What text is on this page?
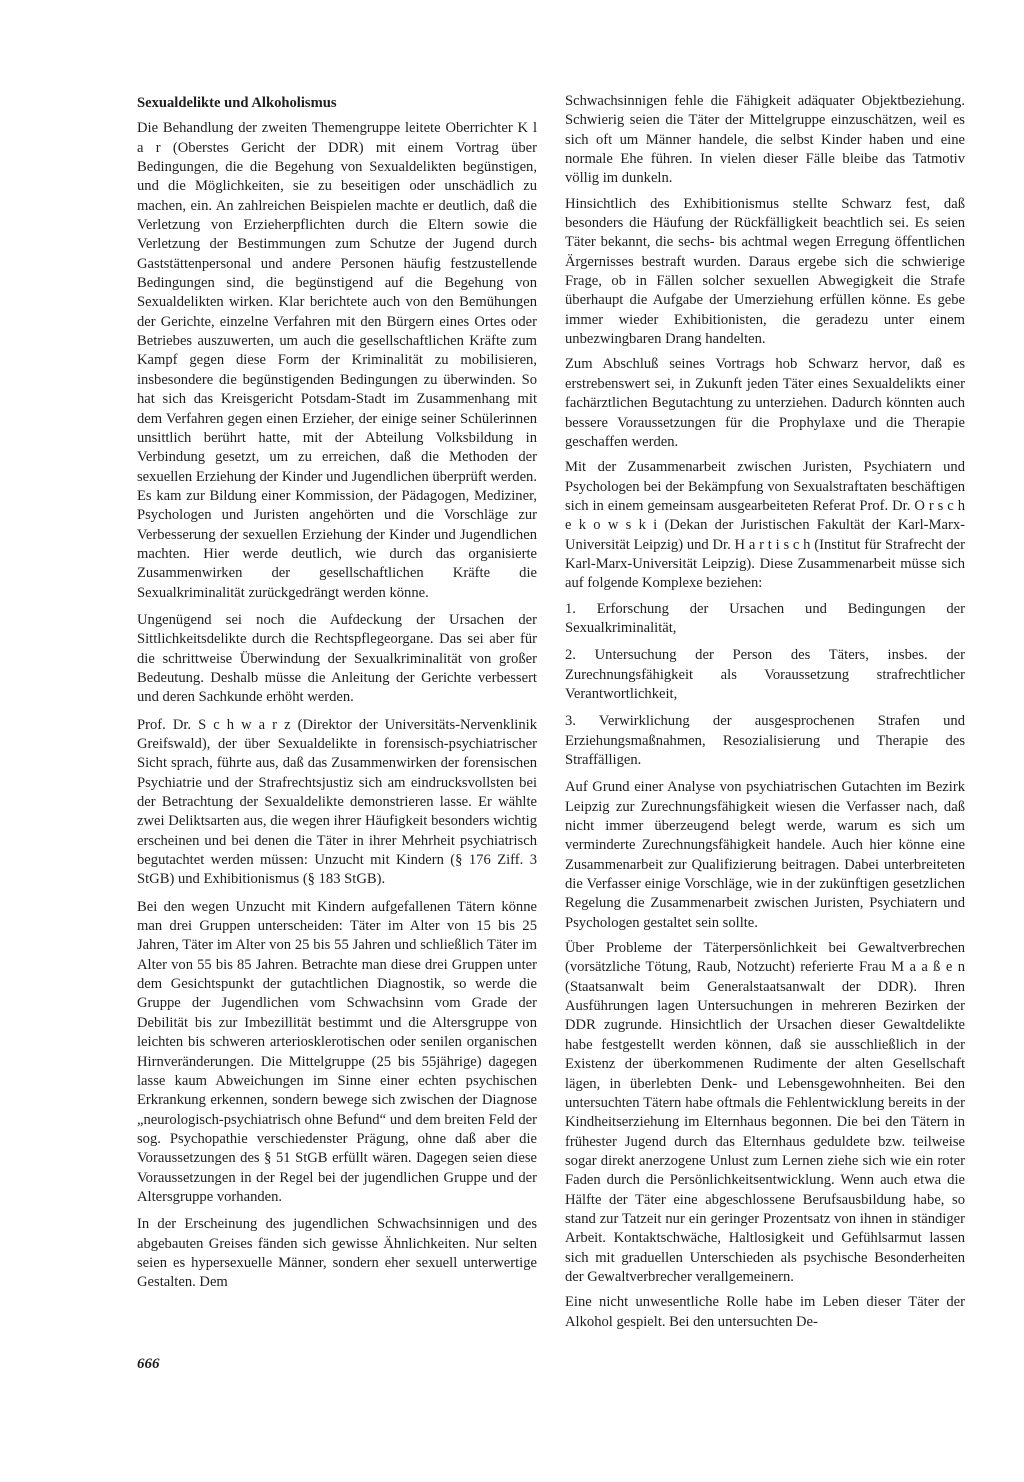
Sexualdelikte und Alkoholismus

Die Behandlung der zweiten Themengruppe leitete Oberrichter K l a r (Oberstes Gericht der DDR) mit einem Vortrag über Bedingungen, die die Begehung von Sexualdelikten begünstigen, und die Möglichkeiten, sie zu beseitigen oder unschädlich zu machen, ein. An zahlreichen Beispielen machte er deutlich, daß die Verletzung von Erzieherpflichten durch die Eltern sowie die Verletzung der Bestimmungen zum Schutze der Jugend durch Gaststättenpersonal und andere Personen häufig festzustellende Bedingungen sind, die begünstigend auf die Begehung von Sexualdelikten wirken. Klar berichtete auch von den Bemühungen der Gerichte, einzelne Verfahren mit den Bürgern eines Ortes oder Betriebes auszuwerten, um auch die gesellschaftlichen Kräfte zum Kampf gegen diese Form der Kriminalität zu mobilisieren, insbesondere die begünstigenden Bedingungen zu überwinden. So hat sich das Kreisgericht Potsdam-Stadt im Zusammenhang mit dem Verfahren gegen einen Erzieher, der einige seiner Schülerinnen unsittlich berührt hatte, mit der Abteilung Volksbildung in Verbindung gesetzt, um zu erreichen, daß die Methoden der sexuellen Erziehung der Kinder und Jugendlichen überprüft werden. Es kam zur Bildung einer Kommission, der Pädagogen, Mediziner, Psychologen und Juristen angehörten und die Vorschläge zur Verbesserung der sexuellen Erziehung der Kinder und Jugendlichen machten. Hier werde deutlich, wie durch das organisierte Zusammenwirken der gesellschaftlichen Kräfte die Sexualkriminalität zurückgedrängt werden könne.

Ungenügend sei noch die Aufdeckung der Ursachen der Sittlichkeitsdelikte durch die Rechtspflegeorgane. Das sei aber für die schrittweise Überwindung der Sexualkriminalität von großer Bedeutung. Deshalb müsse die Anleitung der Gerichte verbessert und deren Sachkunde erhöht werden.

Prof. Dr. S c h w a r z (Direktor der Universitäts-Nervenklinik Greifswald), der über Sexualdelikte in forensisch-psychiatrischer Sicht sprach, führte aus, daß das Zusammenwirken der forensischen Psychiatrie und der Strafrechtsjustiz sich am eindrucksvollsten bei der Betrachtung der Sexualdelikte demonstrieren lasse. Er wählte zwei Deliktsarten aus, die wegen ihrer Häufigkeit besonders wichtig erscheinen und bei denen die Täter in ihrer Mehrheit psychiatrisch begutachtet werden müssen: Unzucht mit Kindern (§ 176 Ziff. 3 StGB) und Exhibitionismus (§ 183 StGB).

Bei den wegen Unzucht mit Kindern aufgefallenen Tätern könne man drei Gruppen unterscheiden: Täter im Alter von 15 bis 25 Jahren, Täter im Alter von 25 bis 55 Jahren und schließlich Täter im Alter von 55 bis 85 Jahren. Betrachte man diese drei Gruppen unter dem Gesichtspunkt der gutachtlichen Diagnostik, so werde die Gruppe der Jugendlichen vom Schwachsinn vom Grade der Debilität bis zur Imbezillität bestimmt und die Altersgruppe von leichten bis schweren arteriosklerotischen oder senilen organischen Hirnveränderungen. Die Mittelgruppe (25 bis 55jährige) dagegen lasse kaum Abweichungen im Sinne einer echten psychischen Erkrankung erkennen, sondern bewege sich zwischen der Diagnose „neurologisch-psychiatrisch ohne Befund“ und dem breiten Feld der sog. Psychopathie verschiedenster Prägung, ohne daß aber die Voraussetzungen des § 51 StGB erfüllt wären. Dagegen seien diese Voraussetzungen in der Regel bei der jugendlichen Gruppe und der Altersgruppe vorhanden.

In der Erscheinung des jugendlichen Schwachsinnigen und des abgebauten Greises fänden sich gewisse Ähnlichkeiten. Nur selten seien es hypersexuelle Männer, sondern eher sexuell unterwertige Gestalten. Dem

Schwachsinnigen fehle die Fähigkeit adäquater Objektbeziehung. Schwierig seien die Täter der Mittelgruppe einzuschätzen, weil es sich oft um Männer handele, die selbst Kinder haben und eine normale Ehe führen. In vielen dieser Fälle bleibe das Tatmotiv völlig im dunkeln.

Hinsichtlich des Exhibitionismus stellte Schwarz fest, daß besonders die Häufung der Rückfälligkeit beachtlich sei. Es seien Täter bekannt, die sechs- bis achtmal wegen Erregung öffentlichen Ärgernisses bestraft wurden. Daraus ergebe sich die schwierige Frage, ob in Fällen solcher sexuellen Abwegigkeit die Strafe überhaupt die Aufgabe der Umerziehung erfüllen könne. Es gebe immer wieder Exhibitionisten, die geradezu unter einem unbezwingbaren Drang handelten.

Zum Abschluß seines Vortrags hob Schwarz hervor, daß es erstrebenswert sei, in Zukunft jeden Täter eines Sexualdelikts einer fachärztlichen Begutachtung zu unterziehen. Dadurch könnten auch bessere Voraussetzungen für die Prophylaxe und die Therapie geschaffen werden.

Mit der Zusammenarbeit zwischen Juristen, Psychiatern und Psychologen bei der Bekämpfung von Sexualstraftaten beschäftigen sich in einem gemeinsam ausgearbeiteten Referat Prof. Dr. O r s c h e k o w s k i (Dekan der Juristischen Fakultät der Karl-Marx-Universität Leipzig) und Dr. H a r t i s c h (Institut für Strafrecht der Karl-Marx-Universität Leipzig). Diese Zusammenarbeit müsse sich auf folgende Komplexe beziehen:

1. Erforschung der Ursachen und Bedingungen der Sexualkriminalität,

2. Untersuchung der Person des Täters, insbes. der Zurechnungsfähigkeit als Voraussetzung strafrechtlicher Verantwortlichkeit,

3. Verwirklichung der ausgesprochenen Strafen und Erziehungsmaßnahmen, Resozialisierung und Therapie des Straffälligen.

Auf Grund einer Analyse von psychiatrischen Gutachten im Bezirk Leipzig zur Zurechnungsfähigkeit wiesen die Verfasser nach, daß nicht immer überzeugend belegt werde, warum es sich um verminderte Zurechnungsfähigkeit handele. Auch hier könne eine Zusammenarbeit zur Qualifizierung beitragen. Dabei unterbreiteten die Verfasser einige Vorschläge, wie in der zukünftigen gesetzlichen Regelung die Zusammenarbeit zwischen Juristen, Psychiatern und Psychologen gestaltet sein sollte.

Über Probleme der Täterpersönlichkeit bei Gewaltverbrechen (vorsätzliche Tötung, Raub, Notzucht) referierte Frau M a a ß e n (Staatsanwalt beim Generalstaatsanwalt der DDR). Ihren Ausführungen lagen Untersuchungen in mehreren Bezirken der DDR zugrunde. Hinsichtlich der Ursachen dieser Gewaltdelikte habe festgestellt werden können, daß sie ausschließlich in der Existenz der überkommenen Rudimente der alten Gesellschaft lägen, in überlebten Denk- und Lebensgewohnheiten. Bei den untersuchten Tätern habe oftmals die Fehlentwicklung bereits in der Kindheitserziehung im Elternhaus begonnen. Die bei den Tätern in frühester Jugend durch das Elternhaus geduldete bzw. teilweise sogar direkt anerzogene Unlust zum Lernen ziehe sich wie ein roter Faden durch die Persönlichkeitsentwicklung. Wenn auch etwa die Hälfte der Täter eine abgeschlossene Berufsausbildung habe, so stand zur Tatzeit nur ein geringer Prozentsatz von ihnen in ständiger Arbeit. Kontaktschwäche, Haltlosigkeit und Gefühlsarmut lassen sich mit graduellen Unterschieden als psychische Besonderheiten der Gewaltverbrecher verallgemeinern.

Eine nicht unwesentliche Rolle habe im Leben dieser Täter der Alkohol gespielt. Bei den untersuchten De-

666
